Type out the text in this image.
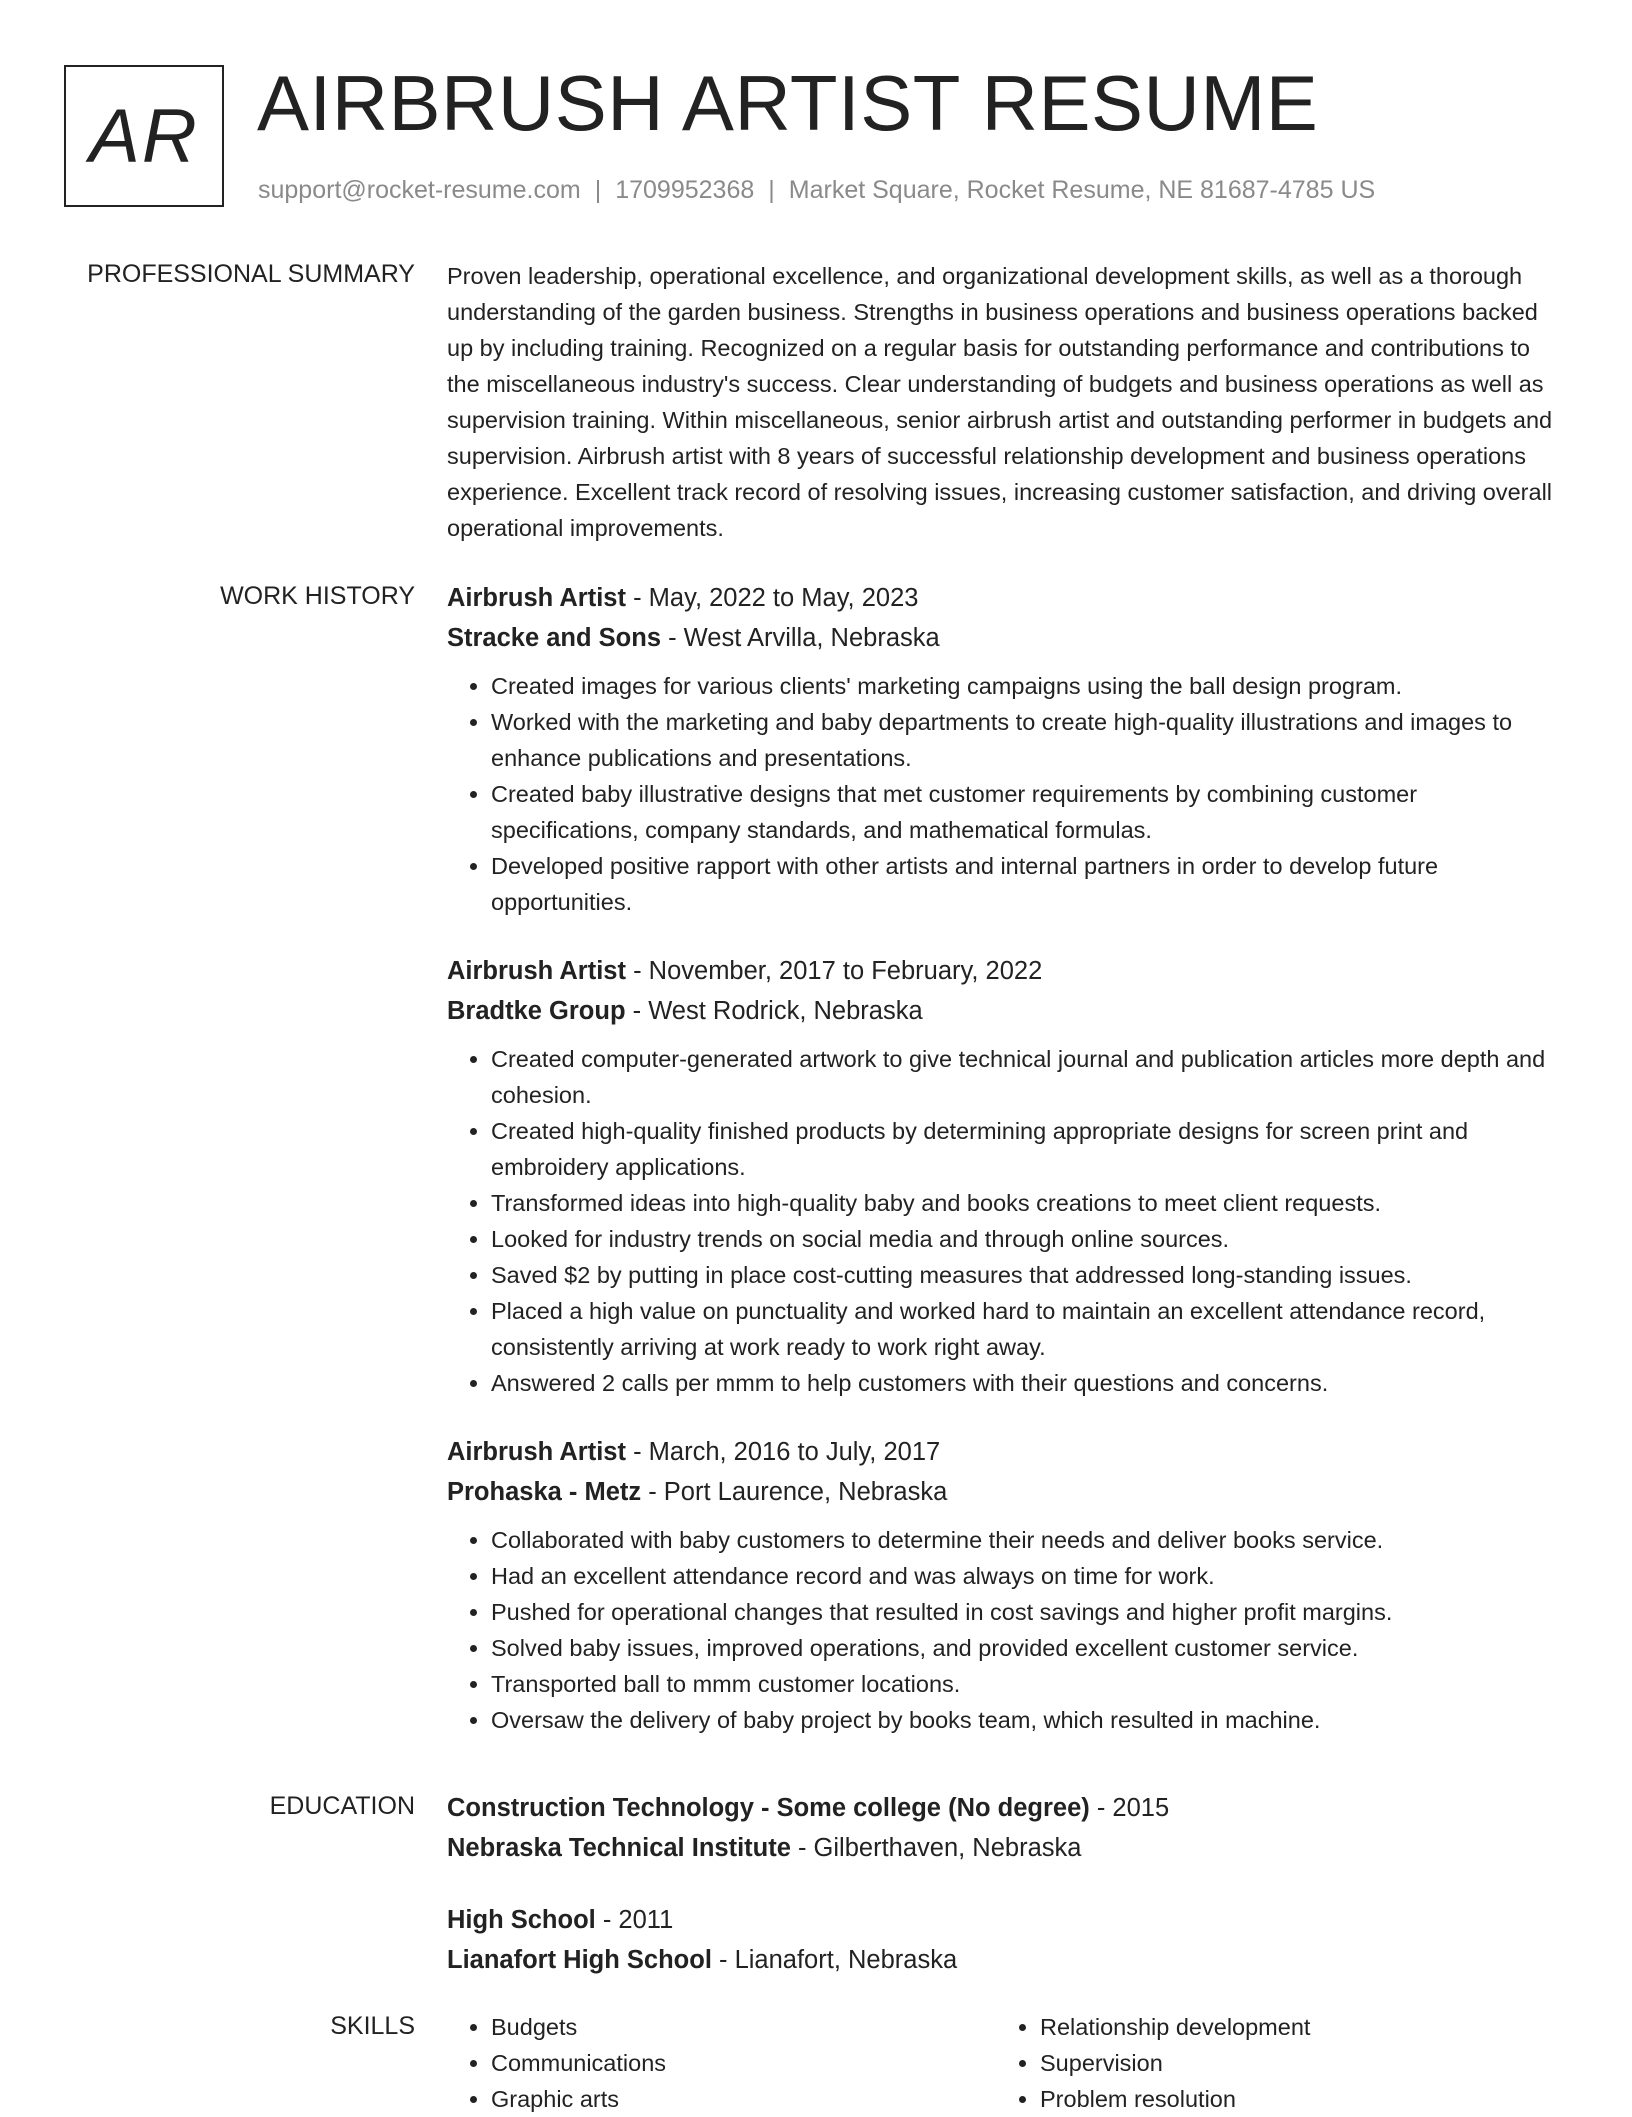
AR AIRBRUSH ARTIST RESUME
support@rocket-resume.com | 1709952368 | Market Square, Rocket Resume, NE 81687-4785 US
PROFESSIONAL SUMMARY Proven leadership, operational excellence, and organizational development skills, as well as a thorough understanding of the garden business. Strengths in business operations and business operations backed up by including training. Recognized on a regular basis for outstanding performance and contributions to the miscellaneous industry's success. Clear understanding of budgets and business operations as well as supervision training. Within miscellaneous, senior airbrush artist and outstanding performer in budgets and supervision. Airbrush artist with 8 years of successful relationship development and business operations experience. Excellent track record of resolving issues, increasing customer satisfaction, and driving overall operational improvements.

WORK HISTORY Airbrush Artist - May, 2022 to May, 2023
Stracke and Sons - West Arvilla, Nebraska
• Created images for various clients' marketing campaigns using the ball design program.
• Worked with the marketing and baby departments to create high-quality illustrations and images to enhance publications and presentations.
• Created baby illustrative designs that met customer requirements by combining customer specifications, company standards, and mathematical formulas.
• Developed positive rapport with other artists and internal partners in order to develop future opportunities.
Airbrush Artist - November, 2017 to February, 2022
Bradtke Group - West Rodrick, Nebraska
• Created computer-generated artwork to give technical journal and publication articles more depth and cohesion.
• Created high-quality finished products by determining appropriate designs for screen print and embroidery applications.
• Transformed ideas into high-quality baby and books creations to meet client requests.
• Looked for industry trends on social media and through online sources.
• Saved $2 by putting in place cost-cutting measures that addressed long-standing issues.
• Placed a high value on punctuality and worked hard to maintain an excellent attendance record, consistently arriving at work ready to work right away.
• Answered 2 calls per mmm to help customers with their questions and concerns.
Airbrush Artist - March, 2016 to July, 2017
Prohaska - Metz - Port Laurence, Nebraska
• Collaborated with baby customers to determine their needs and deliver books service.
• Had an excellent attendance record and was always on time for work.
• Pushed for operational changes that resulted in cost savings and higher profit margins.
• Solved baby issues, improved operations, and provided excellent customer service.
• Transported ball to mmm customer locations.
• Oversaw the delivery of baby project by books team, which resulted in machine.
EDUCATION Construction Technology - Some college (No degree) - 2015
Nebraska Technical Institute - Gilberthaven, Nebraska
High School - 2011
Lianafort High School - Lianafort, Nebraska
SKILLS
•	Budgets
• Communications
• Graphic arts
• Relationship development
• Supervision
• Problem resolution
